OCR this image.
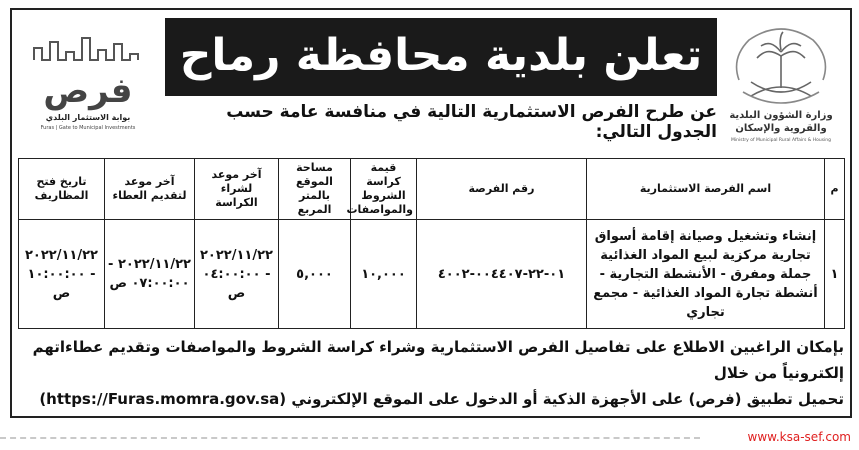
فرص
بوابة الاستثمار البلدي
Furas | Gate to Municipal Investments
وزارة الشؤون البلدية
والقروية والإسكان
Ministry of Municipal Rural Affairs & Housing
تعلن بلدية محافظة رماح
عن طرح الفرص الاستثمارية التالية في منافسة عامة حسب الجدول التالي:
م	اسم الفرصة الاستثمارية	رقم الفرصة	قيمة كراسة الشروط والمواصفات	مساحة الموقع بالمتر المربع	آخر موعد لشراء الكراسة	آخر موعد لتقديم العطاء	تاريخ فتح المظاريف
١	إنشاء وتشغيل وصيانة إقامة أسواق تجارية مركزية لبيع المواد الغذائية جملة ومفرق - الأنشطة التجارية - أنشطة تجارة المواد الغذائية - مجمع تجاري	٠١-٢٢-٠٠٤٤٠٧-٤٠٠٢	١٠,٠٠٠	٥,٠٠٠	٢٠٢٢/١١/٢٢ - ٠٤:٠٠:٠٠ ص	٢٠٢٢/١١/٢٢ - ٠٧:٠٠:٠٠ ص	٢٠٢٢/١١/٢٢ - ١٠:٠٠:٠٠ ص
بإمكان الراغبين الاطلاع على تفاصيل الفرص الاستثمارية وشراء كراسة الشروط والمواصفات وتقديم عطاءاتهم إلكترونياً من خلال
تحميل تطبيق (فرص) على الأجهزة الذكية أو الدخول على الموقع الإلكتروني (https://Furas.momra.gov.sa)
www.ksa-sef.com
